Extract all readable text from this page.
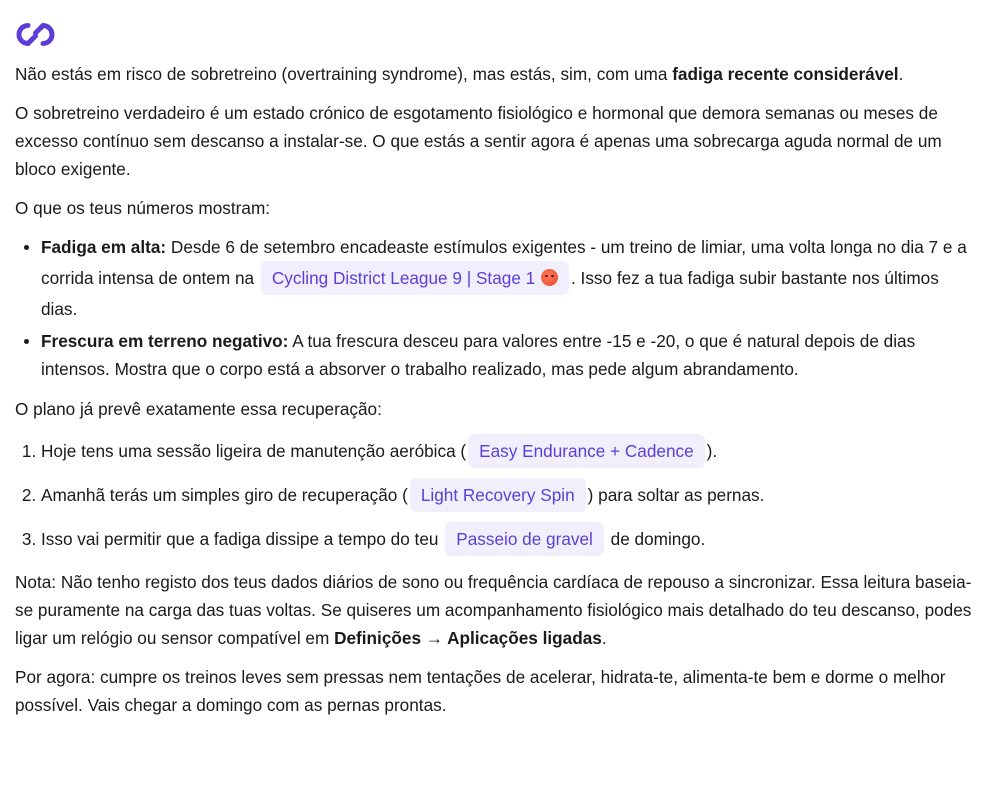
Não estás em risco de sobretreino (overtraining syndrome), mas estás, sim, com uma fadiga recente considerável.

O sobretreino verdadeiro é um estado crónico de esgotamento fisiológico e hormonal que demora semanas ou meses de excesso contínuo sem descanso a instalar-se. O que estás a sentir agora é apenas uma sobrecarga aguda normal de um bloco exigente.

O que os teus números mostram:

• Fadiga em alta: Desde 6 de setembro encadeaste estímulos exigentes - um treino de limiar, uma volta longa no dia 7 e a corrida intensa de ontem na Cycling District League 9 | Stage 1 . Isso fez a tua fadiga subir bastante nos últimos dias.
• Frescura em terreno negativo: A tua frescura desceu para valores entre -15 e -20, o que é natural depois de dias intensos. Mostra que o corpo está a absorver o trabalho realizado, mas pede algum abrandamento.

O plano já prevê exatamente essa recuperação:

1. Hoje tens uma sessão ligeira de manutenção aeróbica ( Easy Endurance + Cadence ).
2. Amanhã terás um simples giro de recuperação ( Light Recovery Spin ) para soltar as pernas.
3. Isso vai permitir que a fadiga dissipe a tempo do teu Passeio de gravel de domingo.

Nota: Não tenho registo dos teus dados diários de sono ou frequência cardíaca de repouso a sincronizar. Essa leitura baseia-se puramente na carga das tuas voltas. Se quiseres um acompanhamento fisiológico mais detalhado do teu descanso, podes ligar um relógio ou sensor compatível em Definições → Aplicações ligadas.

Por agora: cumpre os treinos leves sem pressas nem tentações de acelerar, hidrata-te, alimenta-te bem e dorme o melhor possível. Vais chegar a domingo com as pernas prontas.
